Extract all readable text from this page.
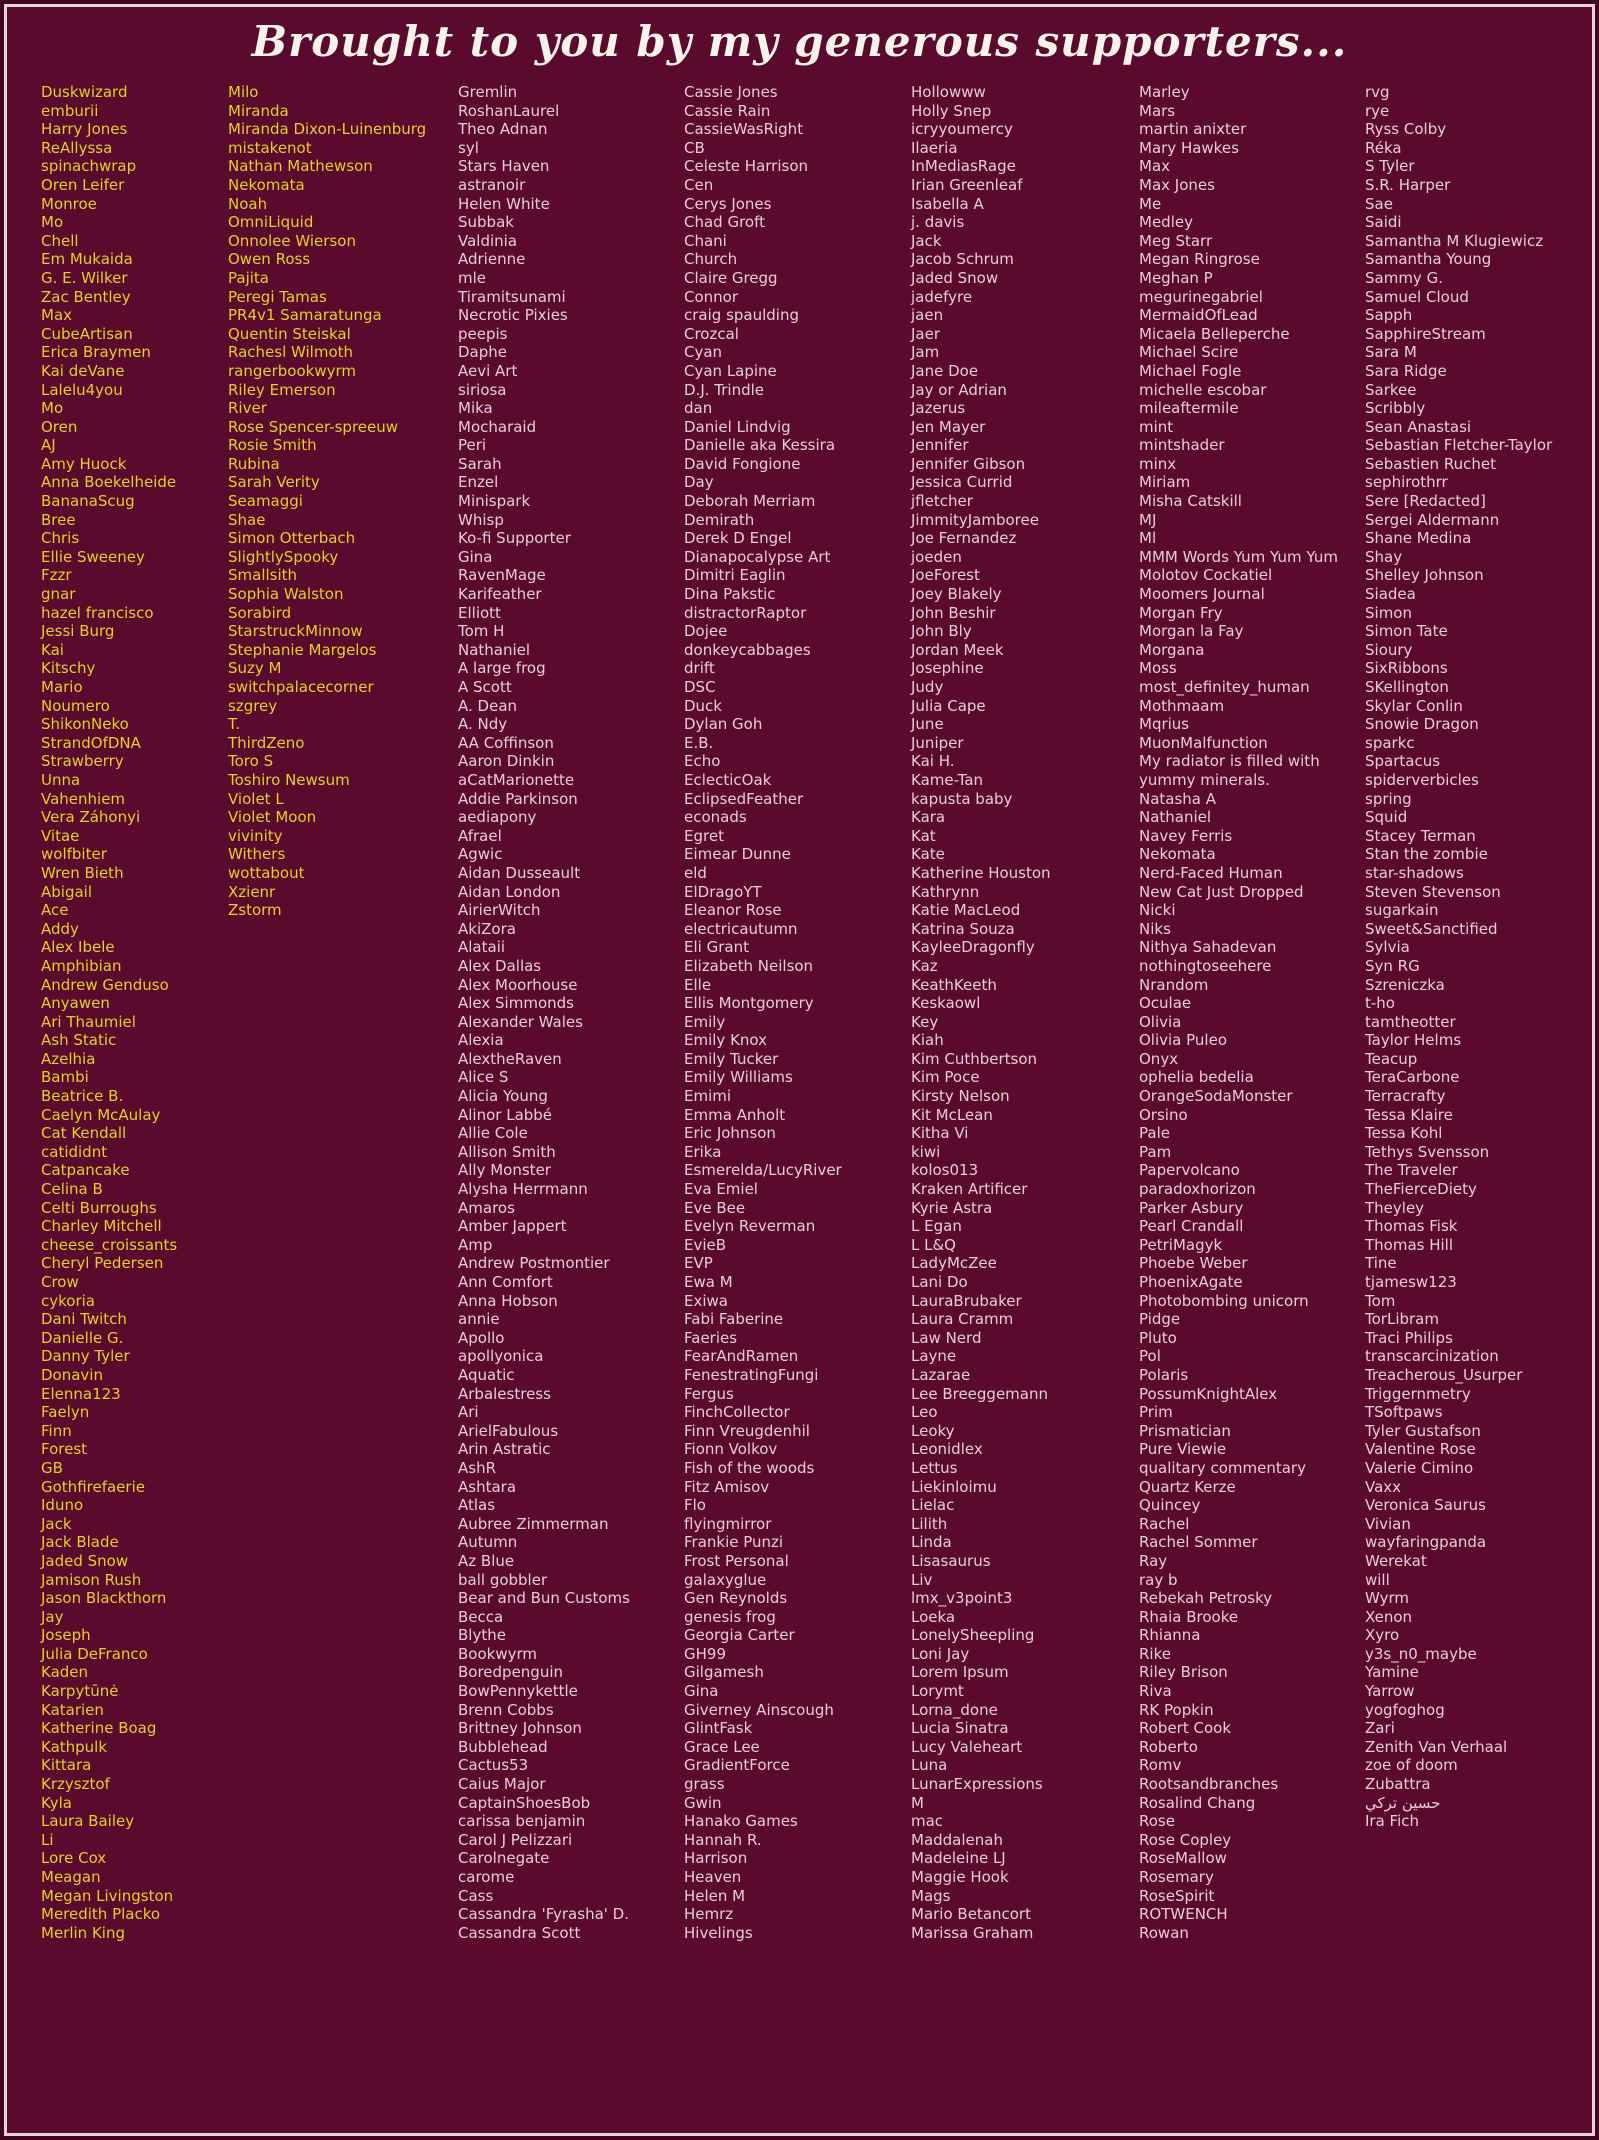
Brought to you by my generous supporters...
Duskwizard
emburii
Harry Jones
ReAllyssa
spinachwrap
Oren Leifer
Monroe
Mo
Chell
Em Mukaida
G. E. Wilker
Zac Bentley
Max
CubeArtisan
Erica Braymen
Kai deVane
Lalelu4you
Mo
Oren
AJ
Amy Huock
Anna Boekelheide
BananaScug
Bree
Chris
Ellie Sweeney
Fzzr
gnar
hazel francisco
Jessi Burg
Kai
Kitschy
Mario
Noumero
ShikonNeko
StrandOfDNA
Strawberry
Unna
Vahenhiem
Vera Záhonyi
Vitae
wolfbiter
Wren Bieth
Abigail
Ace
Addy
Alex Ibele
Amphibian
Andrew Genduso
Anyawen
Ari Thaumiel
Ash Static
Azelhia
Bambi
Beatrice B.
Caelyn McAulay
Cat Kendall
catididnt
Catpancake
Celina B
Celti Burroughs
Charley Mitchell
cheese_croissants
Cheryl Pedersen
Crow
cykoria
Dani Twitch
Danielle G.
Danny Tyler
Donavin
Elenna123
Faelyn
Finn
Forest
GB
Gothfirefaerie
Iduno
Jack
Jack Blade
Jaded Snow
Jamison Rush
Jason Blackthorn
Jay
Joseph
Julia DeFranco
Kaden
Karpytūnė
Katarien
Katherine Boag
Kathpulk
Kittara
Krzysztof
Kyla
Laura Bailey
Li
Lore Cox
Meagan
Megan Livingston
Meredith Placko
Merlin King
Milo
Miranda
Miranda Dixon-Luinenburg
mistakenot
Nathan Mathewson
Nekomata
Noah
OmniLiquid
Onnolee Wierson
Owen Ross
Pajita
Peregi Tamas
PR4v1 Samaratunga
Quentin Steiskal
Rachesl Wilmoth
rangerbookwyrm
Riley Emerson
River
Rose Spencer-spreeuw
Rosie Smith
Rubina
Sarah Verity
Seamaggi
Shae
Simon Otterbach
SlightlySpooky
Smallsith
Sophia Walston
Sorabird
StarstruckMinnow
Stephanie Margelos
Suzy M
switchpalacecorner
szgrey
T.
ThirdZeno
Toro S
Toshiro Newsum
Violet L
Violet Moon
vivinity
Withers
wottabout
Xzienr
Zstorm
Gremlin
RoshanLaurel
Theo Adnan
syl
Stars Haven
astranoir
Helen White
Subbak
Valdinia
Adrienne
mle
Tiramitsunami
Necrotic Pixies
peepis
Daphe
Aevi Art
siriosa
Mika
Mocharaid
Peri
Sarah
Enzel
Minispark
Whisp
Ko-fi Supporter
Gina
RavenMage
Karifeather
Elliott
Tom H
Nathaniel
A large frog
A Scott
A. Dean
A. Ndy
AA Coffinson
Aaron Dinkin
aCatMarionette
Addie Parkinson
aediapony
Afrael
Agwic
Aidan Dusseault
Aidan London
AirierWitch
AkiZora
Alataii
Alex Dallas
Alex Moorhouse
Alex Simmonds
Alexander Wales
Alexia
AlextheRaven
Alice S
Alicia Young
Alinor Labbé
Allie Cole
Allison Smith
Ally Monster
Alysha Herrmann
Amaros
Amber Jappert
Amp
Andrew Postmontier
Ann Comfort
Anna Hobson
annie
Apollo
apollyonica
Aquatic
Arbalestress
Ari
ArielFabulous
Arin Astratic
AshR
Ashtara
Atlas
Aubree Zimmerman
Autumn
Az Blue
ball gobbler
Bear and Bun Customs
Becca
Blythe
Bookwyrm
Boredpenguin
BowPennykettle
Brenn Cobbs
Brittney Johnson
Bubblehead
Cactus53
Caius Major
CaptainShoesBob
carissa benjamin
Carol J Pelizzari
Carolnegate
carome
Cass
Cassandra 'Fyrasha' D.
Cassandra Scott
Cassie Jones
Cassie Rain
CassieWasRight
CB
Celeste Harrison
Cen
Cerys Jones
Chad Groft
Chani
Church
Claire Gregg
Connor
craig spaulding
Crozcal
Cyan
Cyan Lapine
D.J. Trindle
dan
Daniel Lindvig
Danielle aka Kessira
David Fongione
Day
Deborah Merriam
Demirath
Derek D Engel
Dianapocalypse Art
Dimitri Eaglin
Dina Pakstic
distractorRaptor
Dojee
donkeycabbages
drift
DSC
Duck
Dylan Goh
E.B.
Echo
EclecticOak
EclipsedFeather
econads
Egret
Eimear Dunne
eld
ElDragoYT
Eleanor Rose
electricautumn
Eli Grant
Elizabeth Neilson
Elle
Ellis Montgomery
Emily
Emily Knox
Emily Tucker
Emily Williams
Emimi
Emma Anholt
Eric Johnson
Erika
Esmerelda/LucyRiver
Eva Emiel
Eve Bee
Evelyn Reverman
EvieB
EVP
Ewa M
Exiwa
Fabi Faberine
Faeries
FearAndRamen
FenestratingFungi
Fergus
FinchCollector
Finn Vreugdenhil
Fionn Volkov
Fish of the woods
Fitz Amisov
Flo
flyingmirror
Frankie Punzi
Frost Personal
galaxyglue
Gen Reynolds
genesis frog
Georgia Carter
GH99
Gilgamesh
Gina
Giverney Ainscough
GlintFask
Grace Lee
GradientForce
grass
Gwin
Hanako Games
Hannah R.
Harrison
Heaven
Helen M
Hemrz
Hivelings
Hollowww
Holly Snep
icryyoumercy
Ilaeria
InMediasRage
Irian Greenleaf
Isabella A
j. davis
Jack
Jacob Schrum
Jaded Snow
jadefyre
jaen
Jaer
Jam
Jane Doe
Jay or Adrian
Jazerus
Jen Mayer
Jennifer
Jennifer Gibson
Jessica Currid
jfletcher
JimmityJamboree
Joe Fernandez
joeden
JoeForest
Joey Blakely
John Beshir
John Bly
Jordan Meek
Josephine
Judy
Julia Cape
June
Juniper
Kai H.
Kame-Tan
kapusta baby
Kara
Kat
Kate
Katherine Houston
Kathrynn
Katie MacLeod
Katrina Souza
KayleeDragonfly
Kaz
KeathKeeth
Keskaowl
Key
Kiah
Kim Cuthbertson
Kim Poce
Kirsty Nelson
Kit McLean
Kitha Vi
kiwi
kolos013
Kraken Artificer
Kyrie Astra
L Egan
L L&Q
LadyMcZee
Lani Do
LauraBrubaker
Laura Cramm
Law Nerd
Layne
Lazarae
Lee Breeggemann
Leo
Leoky
Leonidlex
Lettus
Liekinloimu
Lielac
Lilith
Linda
Lisasaurus
Liv
lmx_v3point3
Loeka
LonelySheepling
Loni Jay
Lorem Ipsum
Lorymt
Lorna_done
Lucia Sinatra
Lucy Valeheart
Luna
LunarExpressions
M
mac
Maddalenah
Madeleine LJ
Maggie Hook
Mags
Mario Betancort
Marissa Graham
Marley
Mars
martin anixter
Mary Hawkes
Max
Max Jones
Me
Medley
Meg Starr
Megan Ringrose
Meghan P
megurinegabriel
MermaidOfLead
Micaela Belleperche
Michael Scire
Michael Fogle
michelle escobar
mileaftermile
mint
mintshader
minx
Miriam
Misha Catskill
MJ
Ml
MMM Words Yum Yum Yum
Molotov Cockatiel
Moomers Journal
Morgan Fry
Morgan la Fay
Morgana
Moss
most_definitey_human
Mothmaam
Mqrius
MuonMalfunction
My radiator is filled with yummy minerals.
Natasha A
Nathaniel
Navey Ferris
Nekomata
Nerd-Faced Human
New Cat Just Dropped
Nicki
Niks
Nithya Sahadevan
nothingtoseehere
Nrandom
Oculae
Olivia
Olivia Puleo
Onyx
ophelia bedelia
OrangeSodaMonster
Orsino
Pale
Pam
Papervolcano
paradoxhorizon
Parker Asbury
Pearl Crandall
PetriMagyk
Phoebe Weber
PhoenixAgate
Photobombing unicorn
Pidge
Pluto
Pol
Polaris
PossumKnightAlex
Prim
Prismatician
Pure Viewie
qualitary commentary
Quartz Kerze
Quincey
Rachel
Rachel Sommer
Ray
ray b
Rebekah Petrosky
Rhaia Brooke
Rhianna
Rike
Riley Brison
Riva
RK Popkin
Robert Cook
Roberto
Romv
Rootsandbranches
Rosalind Chang
Rose
Rose Copley
RoseMallow
Rosemary
RoseSpirit
ROTWENCH
Rowan
rvg
rye
Ryss Colby
Réka
S Tyler
S.R. Harper
Sae
Saidi
Samantha M Klugiewicz
Samantha Young
Sammy G.
Samuel Cloud
Sapph
SapphireStream
Sara M
Sara Ridge
Sarkee
Scribbly
Sean Anastasi
Sebastian Fletcher-Taylor
Sebastien Ruchet
sephirothrr
Sere [Redacted]
Sergei Aldermann
Shane Medina
Shay
Shelley Johnson
Siadea
Simon
Simon Tate
Sioury
SixRibbons
SKellington
Skylar Conlin
Snowie Dragon
sparkc
Spartacus
spiderverbicles
spring
Squid
Stacey Terman
Stan the zombie
star-shadows
Steven Stevenson
sugarkain
Sweet&Sanctified
Sylvia
Syn RG
Szreniczka
t-ho
tamtheotter
Taylor Helms
Teacup
TeraCarbone
Terracrafty
Tessa Klaire
Tessa Kohl
Tethys Svensson
The Traveler
TheFierceDiety
Theyley
Thomas Fisk
Thomas Hill
Tine
tjamesw123
Tom
TorLibram
Traci Philips
transcarcinization
Treacherous_Usurper
Triggernmetry
TSoftpaws
Tyler Gustafson
Valentine Rose
Valerie Cimino
Vaxx
Veronica Saurus
Vivian
wayfaringpanda
Werekat
will
Wyrm
Xenon
Xyro
y3s_n0_maybe
Yamine
Yarrow
yogfoghog
Zari
Zenith Van Verhaal
zoe of doom
Zubattra
حسين تركي
Ira Fich
